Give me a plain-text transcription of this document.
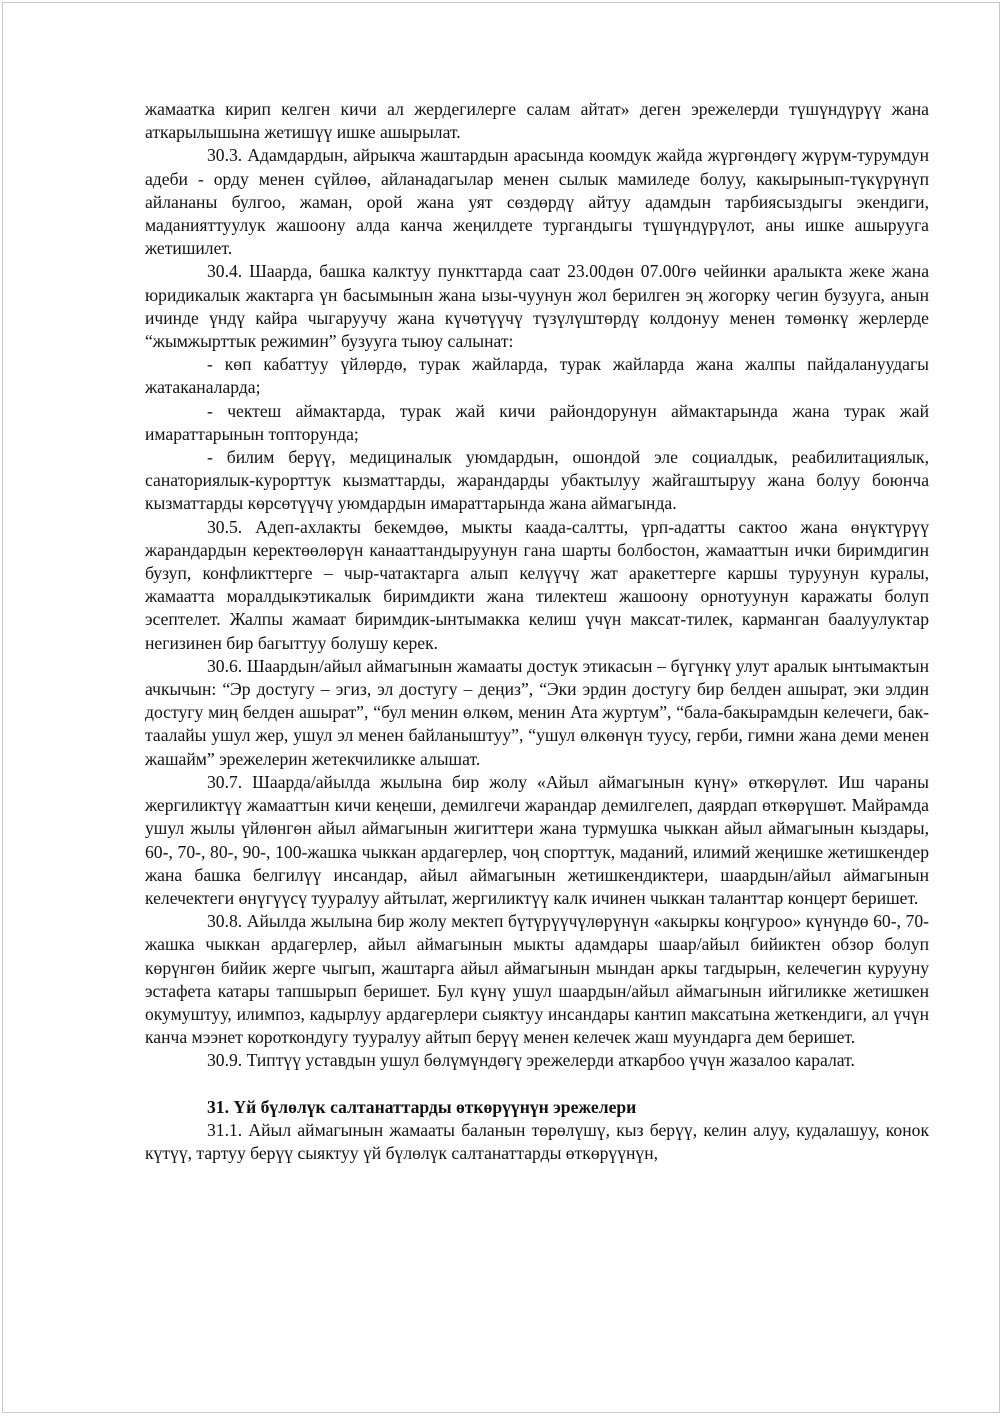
жамаатка кирип келген кичи ал жердегилерге салам айтат» деген эрежелерди түшүндүрүү жана аткарылышына жетишүү ишке ашырылат.

30.3. Адамдардын, айрыкча жаштардын арасында коомдук жайда жүргөндөгү жүрүм-турумдун адеби - орду менен сүйлөө, айланадагылар менен сылык мамиледе болуу, какырынып-түкүрүнүп айлананы булгоо, жаман, орой жана уят сөздөрдү айтуу адамдын тарбиясыздыгы экендиги, маданияттуулук жашоону алда канча жеңилдете тургандыгы түшүндүрүлот, аны ишке ашырууга жетишилет.

30.4. Шаарда, башка калктуу пункттарда саат 23.00дөн 07.00гө чейинки аралыкта жеке жана юридикалык жактарга үн басымынын жана ызы-чуунун жол берилген эң жогорку чегин бузууга, анын ичинде үндү кайра чыгаруучу жана күчөтүүчү түзүлүштөрдү колдонуу менен төмөнкү жерлерде “жымжырттык режимин” бузууга тыюу салынат:

- көп кабаттуу үйлөрдө, турак жайларда, турак жайларда жана жалпы пайдалануудагы жатаканаларда;

- чектеш аймактарда, турак жай кичи райондорунун аймактарында жана турак жай имараттарынын топторунда;

- билим берүү, медициналык уюмдардын, ошондой эле социалдык, реабилитациялык, санаториялык-курорттук кызматтарды, жарандарды убактылуу жайгаштыруу жана болуу боюнча кызматтарды көрсөтүүчү уюмдардын имараттарында жана аймагында.

30.5. Адеп-ахлакты бекемдөө, мыкты каада-салтты, үрп-адатты сактоо жана өнүктүрүү жарандардын керектөөлөрүн канааттандыруунун гана шарты болбостон, жамааттын ички биримдигин бузуп, конфликттерге – чыр-чатактарга алып келүүчү жат аракеттерге каршы туруунун куралы, жамаатта моралдыкэтикалык биримдикти жана тилектеш жашоону орнотуунун каражаты болуп эсептелет. Жалпы жамаат биримдик-ынтымакка келиш үчүн максат-тилек, карманган баалуулуктар негизинен бир багыттуу болушу керек.

30.6. Шаардын/айыл аймагынын жамааты достук этикасын – бүгүнкү улут аралык ынтымактын ачкычын: “Эр достугу – эгиз, эл достугу – деңиз”, “Эки эрдин достугу бир белден ашырат, эки элдин достугу миң белден ашырат”, “бул менин өлкөм, менин Ата журтум”, “бала-бакырамдын келечеги, бак-таалайы ушул жер, ушул эл менен байланыштуу”, “ушул өлкөнүн туусу, герби, гимни жана деми менен жашайм” эрежелерин жетекчиликке алышат.

30.7. Шаарда/айылда жылына бир жолу «Айыл аймагынын күнү» өткөрүлөт. Иш чараны жергиликтүү жамааттын кичи кеңеши, демилгечи жарандар демилгелеп, даярдап өткөрүшөт. Майрамда ушул жылы үйлөнгөн айыл аймагынын жигиттери жана турмушка чыккан айыл аймагынын кыздары, 60-, 70-, 80-, 90-, 100-жашка чыккан ардагерлер, чоң спорттук, маданий, илимий жеңишке жетишкендер жана башка белгилүү инсандар, айыл аймагынын жетишкендиктери, шаардын/айыл аймагынын келечектеги өнүгүүсү тууралуу айтылат, жергиликтүү калк ичинен чыккан таланттар концерт беришет.

30.8. Айылда жылына бир жолу мектеп бүтүрүүчүлөрүнүн «акыркы коңгуроо» күнүндө 60-, 70-жашка чыккан ардагерлер, айыл аймагынын мыкты адамдары шаар/айыл бийиктен обзор болуп көрүнгөн бийик жерге чыгып, жаштарга айыл аймагынын мындан аркы тагдырын, келечегин курууну эстафета катары тапшырып беришет. Бул күнү ушул шаардын/айыл аймагынын ийгиликке жетишкен окумуштуу, илимпоз, кадырлуу ардагерлери сыяктуу инсандары кантип максатына жеткендиги, ал үчүн канча мээнет короткондугу тууралуу айтып берүү менен келечек жаш муундарга дем беришет.

30.9. Типтүү уставдын ушул бөлүмүндөгү эрежелерди аткарбоо үчүн жазалоо каралат.

31. Үй бүлөлүк салтанаттарды өткөрүүнүн эрежелери

31.1. Айыл аймагынын жамааты баланын төрөлүшү, кыз берүү, келин алуу, кудалашуу, конок күтүү, тартуу берүү сыяктуу үй бүлөлүк салтанаттарды өткөрүүнүн,
